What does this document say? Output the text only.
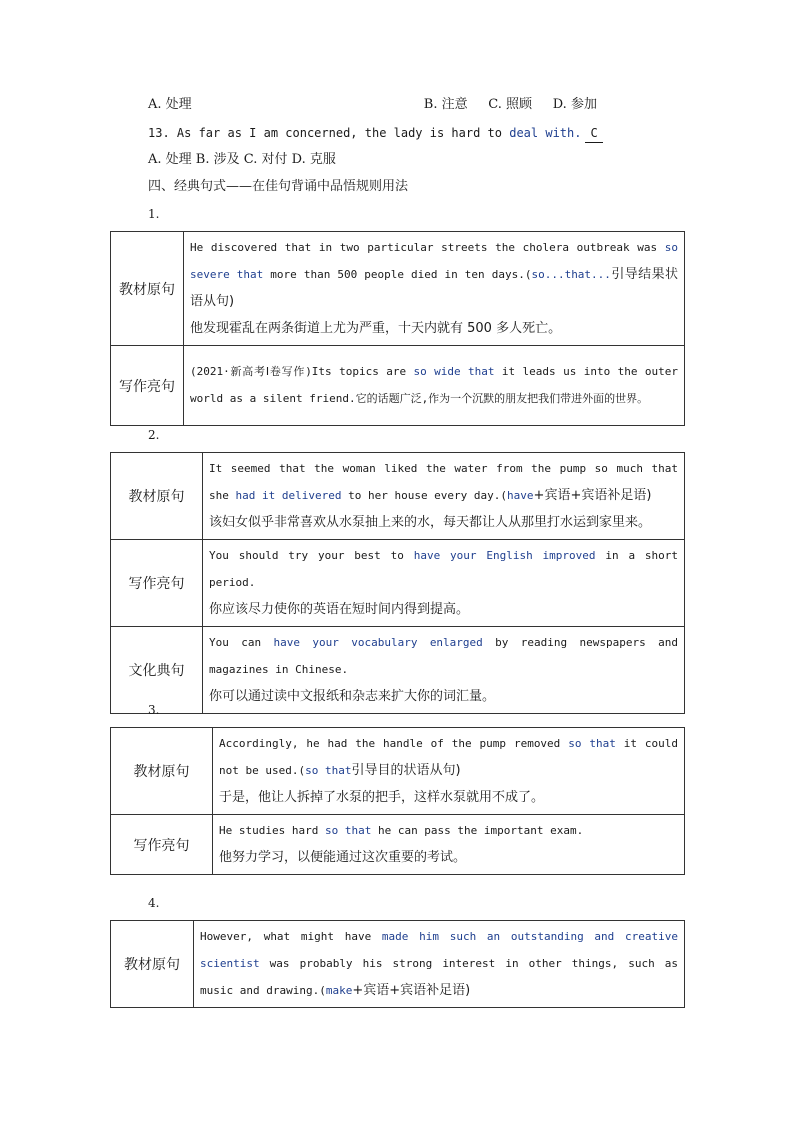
A. 处理	B. 注意 C. 照顾 D. 参加
13. As far as I am concerned, the lady is hard to deal with. C
A. 处理 B. 涉及 C. 对付 D. 克服
四、经典句式——在佳句背诵中品悟规则用法
1.
教材原句	He discovered that in two particular streets the cholera outbreak was so severe that more than 500 people died in ten days.(so...that...引导结果状语从句)
他发现霍乱在两条街道上尤为严重，十天内就有 500 多人死亡。
写作亮句	(2021·新高考Ⅰ卷写作)Its topics are so wide that it leads us into the outer world as a silent friend.它的话题广泛,作为一个沉默的朋友把我们带进外面的世界。
2.
教材原句	It seemed that the woman liked the water from the pump so much that she had it delivered to her house every day.(have+宾语+宾语补足语)
该妇女似乎非常喜欢从水泵抽上来的水，每天都让人从那里打水运到家里来。
写作亮句	You should try your best to have your English improved in a short period.
你应该尽力使你的英语在短时间内得到提高。
文化典句	You can have your vocabulary enlarged by reading newspapers and magazines in Chinese.
你可以通过读中文报纸和杂志来扩大你的词汇量。
3.
教材原句	Accordingly, he had the handle of the pump removed so that it could not be used.(so that引导目的状语从句)
于是，他让人拆掉了水泵的把手，这样水泵就用不成了。
写作亮句	He studies hard so that he can pass the important exam.
他努力学习，以便能通过这次重要的考试。
4.
教材原句	However, what might have made him such an outstanding and creative scientist was probably his strong interest in other things, such as music and drawing.(make+宾语+宾语补足语)
